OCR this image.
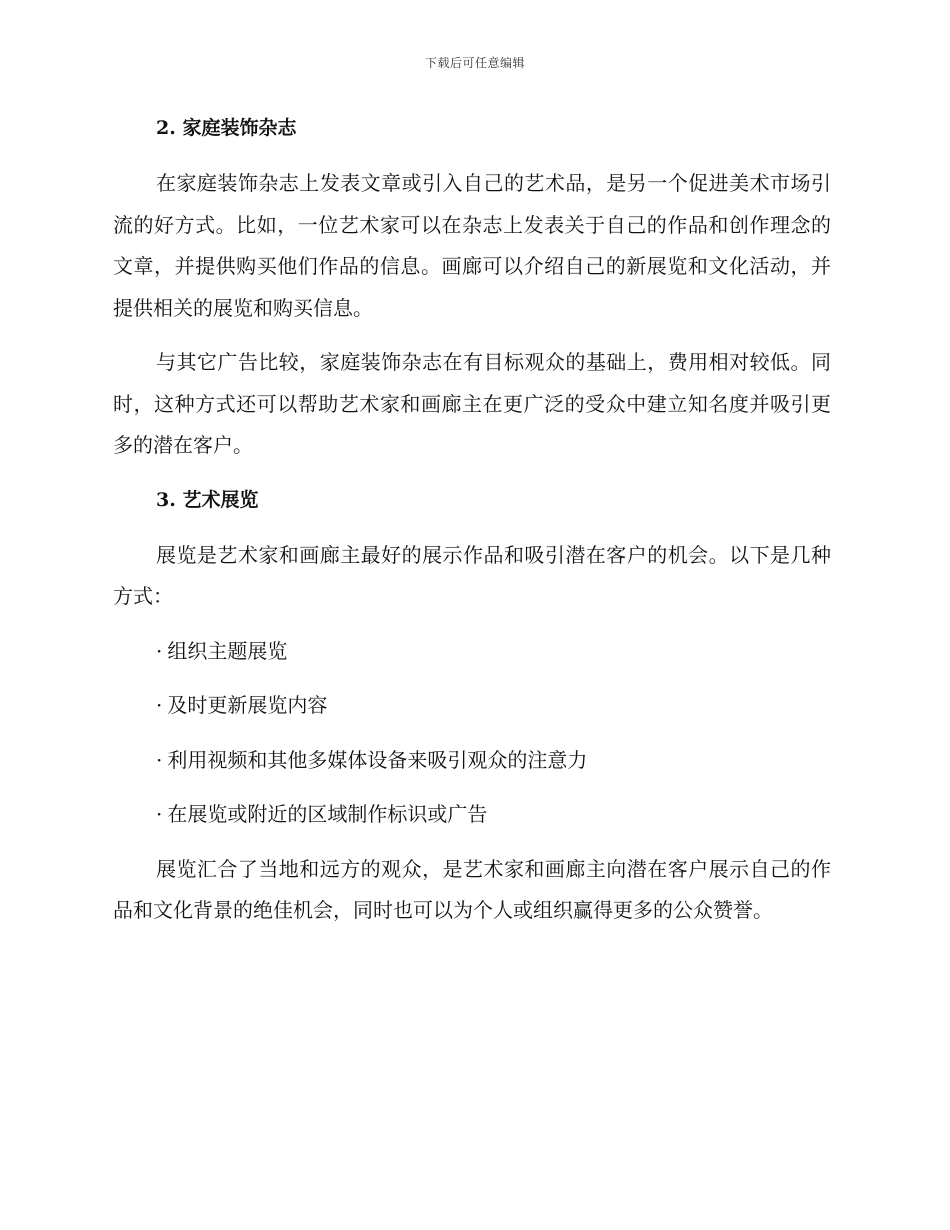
下载后可任意编辑
2. 家庭装饰杂志

在家庭装饰杂志上发表文章或引入自己的艺术品，是另一个促进美术市场引流的好方式。比如，一位艺术家可以在杂志上发表关于自己的作品和创作理念的文章，并提供购买他们作品的信息。画廊可以介绍自己的新展览和文化活动，并提供相关的展览和购买信息。

与其它广告比较，家庭装饰杂志在有目标观众的基础上，费用相对较低。同时，这种方式还可以帮助艺术家和画廊主在更广泛的受众中建立知名度并吸引更多的潜在客户。

3. 艺术展览

展览是艺术家和画廊主最好的展示作品和吸引潜在客户的机会。以下是几种方式：

· 组织主题展览
· 及时更新展览内容
· 利用视频和其他多媒体设备来吸引观众的注意力
· 在展览或附近的区域制作标识或广告

展览汇合了当地和远方的观众，是艺术家和画廊主向潜在客户展示自己的作品和文化背景的绝佳机会，同时也可以为个人或组织赢得更多的公众赞誉。
